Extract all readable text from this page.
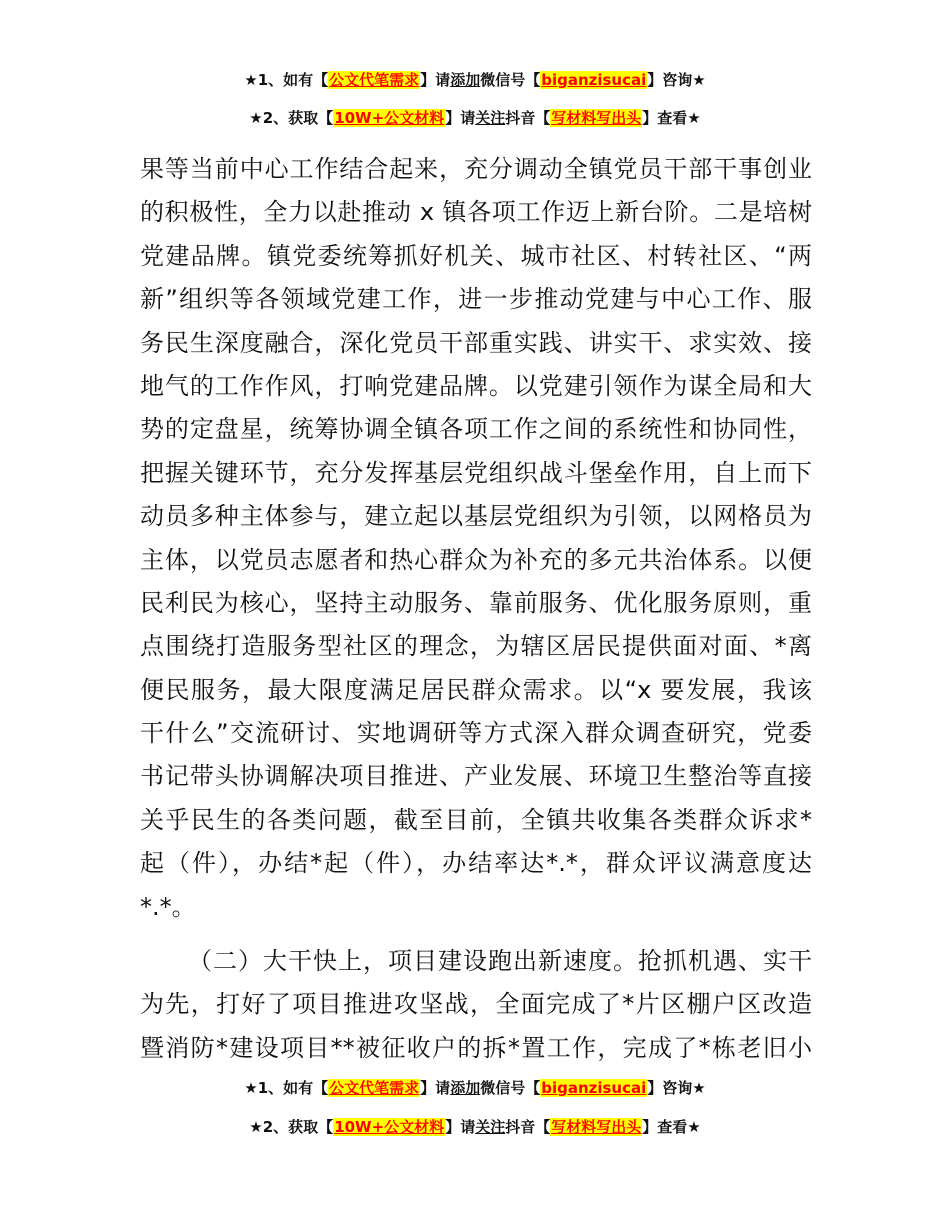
★1、如有【公文代笔需求】请添加微信号【biganzisucai】咨询★
★2、获取【10W+公文材料】请关注抖音【写材料写出头】查看★
果等当前中心工作结合起来，充分调动全镇党员干部干事创业
的积极性，全力以赴推动 x 镇各项工作迈上新台阶。二是培树
党建品牌。镇党委统筹抓好机关、城市社区、村转社区、“两
新”组织等各领域党建工作，进一步推动党建与中心工作、服
务民生深度融合，深化党员干部重实践、讲实干、求实效、接
地气的工作作风，打响党建品牌。以党建引领作为谋全局和大
势的定盘星，统筹协调全镇各项工作之间的系统性和协同性，
把握关键环节，充分发挥基层党组织战斗堡垒作用，自上而下
动员多种主体参与，建立起以基层党组织为引领，以网格员为
主体，以党员志愿者和热心群众为补充的多元共治体系。以便
民利民为核心，坚持主动服务、靠前服务、优化服务原则，重
点围绕打造服务型社区的理念，为辖区居民提供面对面、*离
便民服务，最大限度满足居民群众需求。以“x 要发展，我该
干什么”交流研讨、实地调研等方式深入群众调查研究，党委
书记带头协调解决项目推进、产业发展、环境卫生整治等直接
关乎民生的各类问题，截至目前，全镇共收集各类群众诉求*
起（件），办结*起（件），办结率达*.*，群众评议满意度达
*.*。
（二）大干快上，项目建设跑出新速度。抢抓机遇、实干
为先，打好了项目推进攻坚战，全面完成了*片区棚户区改造
暨消防*建设项目**被征收户的拆*置工作，完成了*栋老旧小
★1、如有【公文代笔需求】请添加微信号【biganzisucai】咨询★
★2、获取【10W+公文材料】请关注抖音【写材料写出头】查看★
